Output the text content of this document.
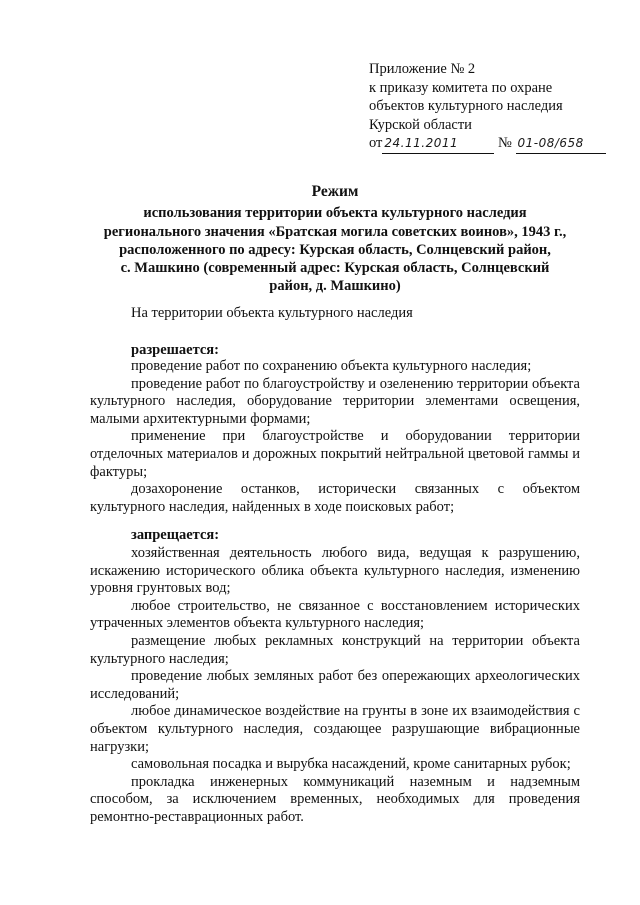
Приложение № 2
к приказу комитета по охране
объектов культурного наследия
Курской области
от 24.11.2011	№ 01-08/658
Режим
использования территории объекта культурного наследия
регионального значения «Братская могила советских воинов», 1943 г.,
расположенного по адресу: Курская область, Солнцевский район,
с. Машкино (современный адрес: Курская область, Солнцевский
район, д. Машкино)
На территории объекта культурного наследия
разрешается:

проведение работ по сохранению объекта культурного наследия;

проведение работ по благоустройству и озеленению территории объекта культурного наследия, оборудование территории элементами освещения, малыми архитектурными формами;

применение при благоустройстве и оборудовании территории отделочных материалов и дорожных покрытий нейтральной цветовой гаммы и фактуры;

дозахоронение останков, исторически связанных с объектом культурного наследия, найденных в ходе поисковых работ;

запрещается:

хозяйственная деятельность любого вида, ведущая к разрушению, искажению исторического облика объекта культурного наследия, изменению уровня грунтовых вод;

любое строительство, не связанное с восстановлением исторических утраченных элементов объекта культурного наследия;

размещение любых рекламных конструкций на территории объекта культурного наследия;

проведение любых земляных работ без опережающих археологических исследований;

любое динамическое воздействие на грунты в зоне их взаимодействия с объектом культурного наследия, создающее разрушающие вибрационные нагрузки;

самовольная посадка и вырубка насаждений, кроме санитарных рубок;

прокладка инженерных коммуникаций наземным и надземным способом, за исключением временных, необходимых для проведения ремонтно-реставрационных работ.
